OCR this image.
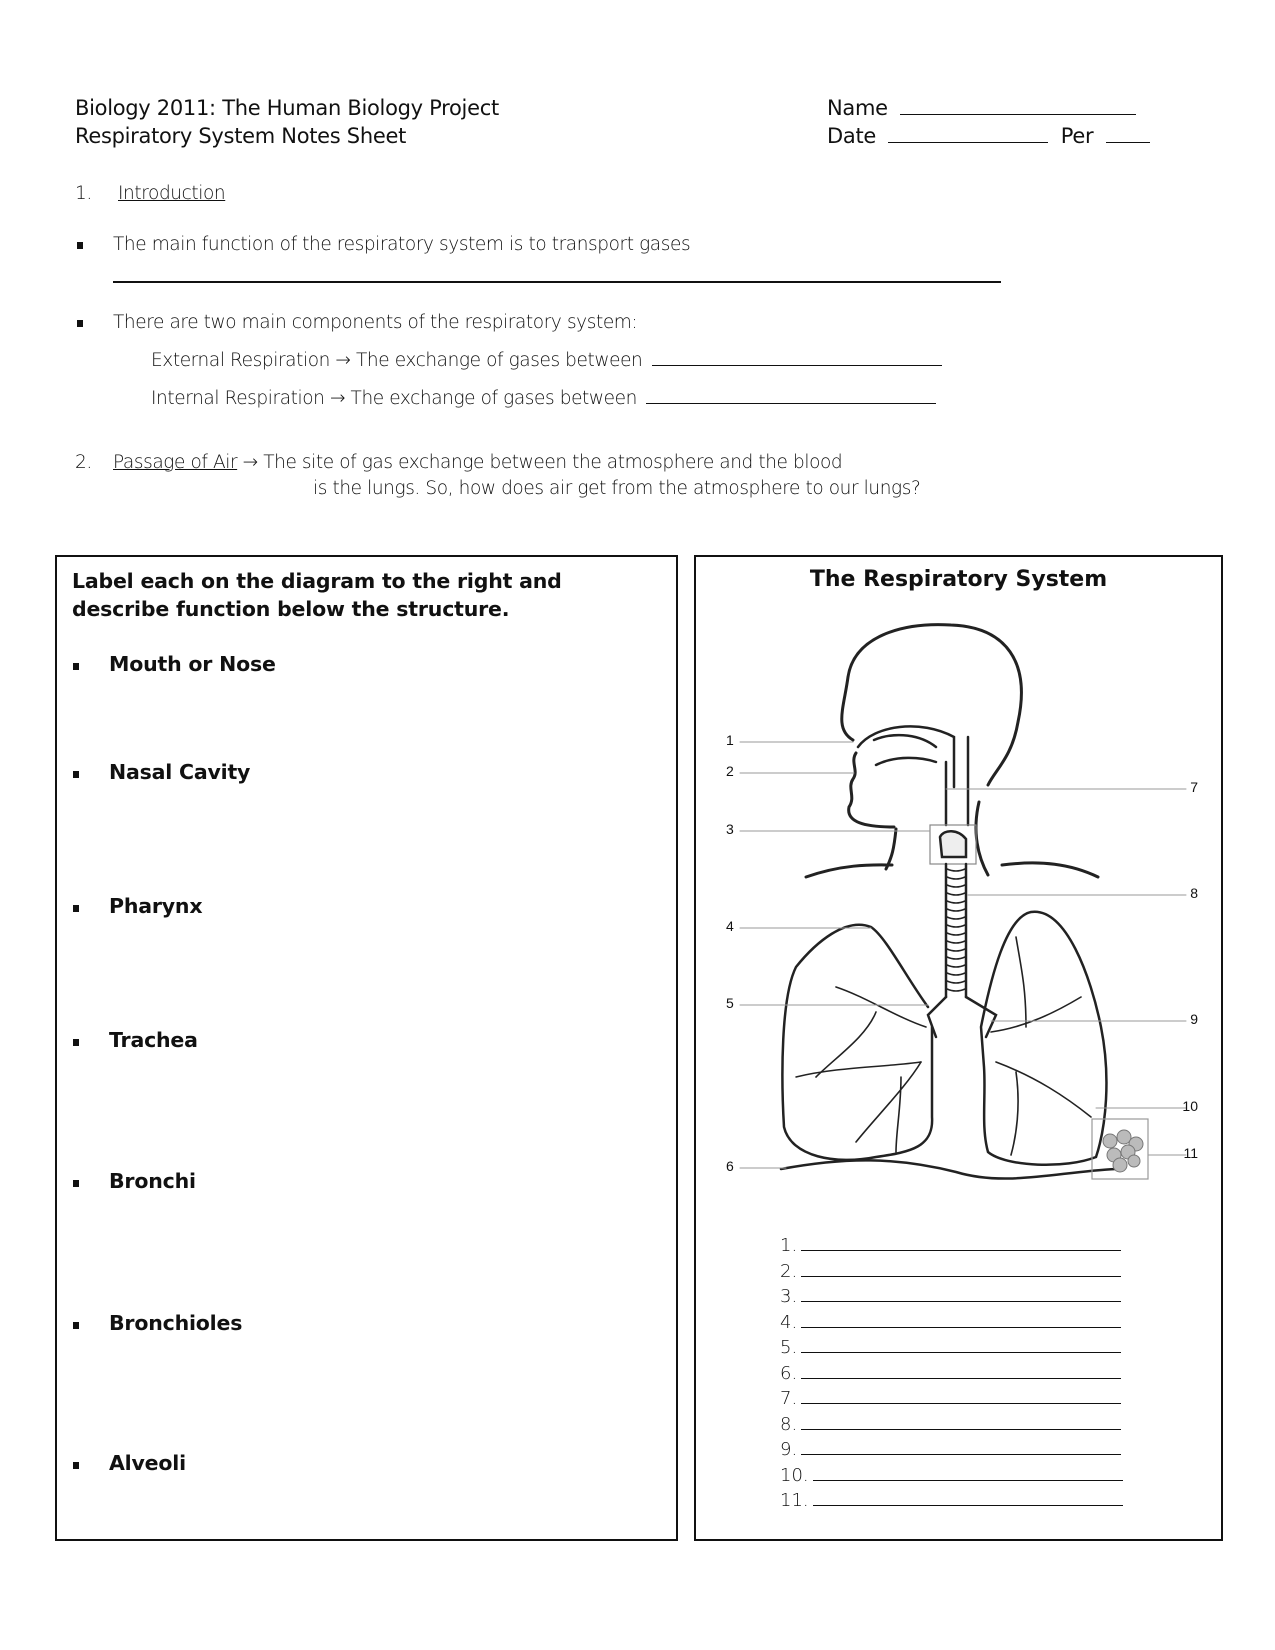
Biology 2011: The Human Biology Project
Respiratory System Notes Sheet
Name
Date	Per
1. Introduction
The main function of the respiratory system is to transport gases
There are two main components of the respiratory system:
External Respiration → The exchange of gases between
Internal Respiration → The exchange of gases between
2. Passage of Air → The site of gas exchange between the atmosphere and the blood
is the lungs. So, how does air get from the atmosphere to our lungs?
Label each on the diagram to the right and describe function below the structure.
Mouth or Nose
Nasal Cavity
Pharynx
Trachea
Bronchi
Bronchioles
Alveoli
The Respiratory System
1
2
3
4
5
6
7
8
9
10
11
1.
2.
3.
4.
5.
6.
7.
8.
9.
10.
11.
